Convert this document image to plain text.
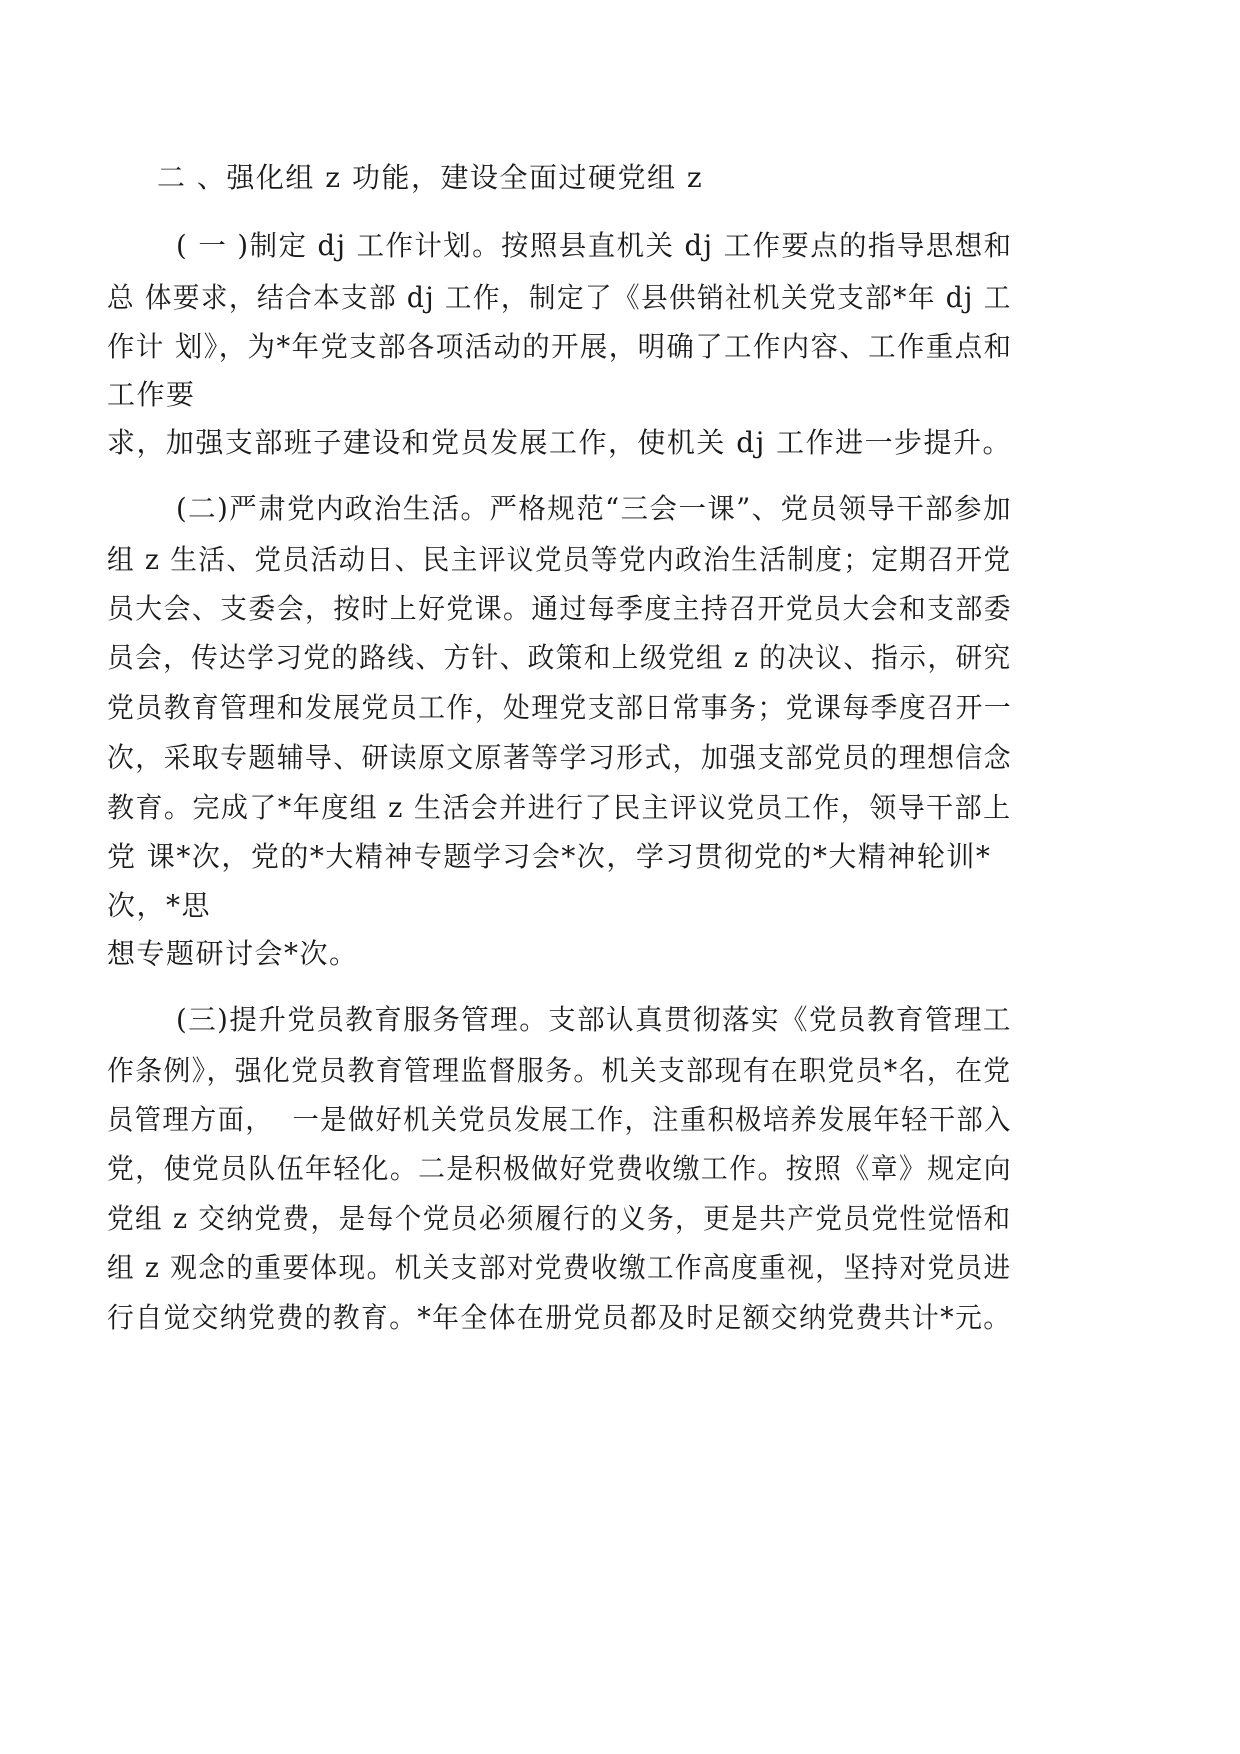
二 、强化组 z 功能，建设全面过硬党组 z
( 一 )制定 dj 工作计划。按照县直机关 dj 工作要点的指导思想和
总 体要求，结合本支部 dj 工作，制定了《县供销社机关党支部*年 dj 工
作计 划》，为*年党支部各项活动的开展，明确了工作内容、工作重点和
工作要
求，加强支部班子建设和党员发展工作，使机关 dj 工作进一步提升。
(二)严肃党内政治生活。严格规范“三会一课”、党员领导干部参加
组 z 生活、党员活动日、民主评议党员等党内政治生活制度；定期召开党
员大会、支委会，按时上好党课。通过每季度主持召开党员大会和支部委
员会，传达学习党的路线、方针、政策和上级党组 z 的决议、指示，研究
党员教育管理和发展党员工作，处理党支部日常事务；党课每季度召开一
次，采取专题辅导、研读原文原著等学习形式，加强支部党员的理想信念
教育。完成了*年度组 z 生活会并进行了民主评议党员工作，领导干部上
党 课*次，党的*大精神专题学习会*次，学习贯彻党的*大精神轮训*
次，*思
想专题研讨会*次。
(三)提升党员教育服务管理。支部认真贯彻落实《党员教育管理工
作条例》，强化党员教育管理监督服务。机关支部现有在职党员*名，在党
员管理方面，  一是做好机关党员发展工作，注重积极培养发展年轻干部入
党，使党员队伍年轻化。二是积极做好党费收缴工作。按照《章》规定向
党组 z 交纳党费，是每个党员必须履行的义务，更是共产党员党性觉悟和
组 z 观念的重要体现。机关支部对党费收缴工作高度重视，坚持对党员进
行自觉交纳党费的教育。*年全体在册党员都及时足额交纳党费共计*元。
